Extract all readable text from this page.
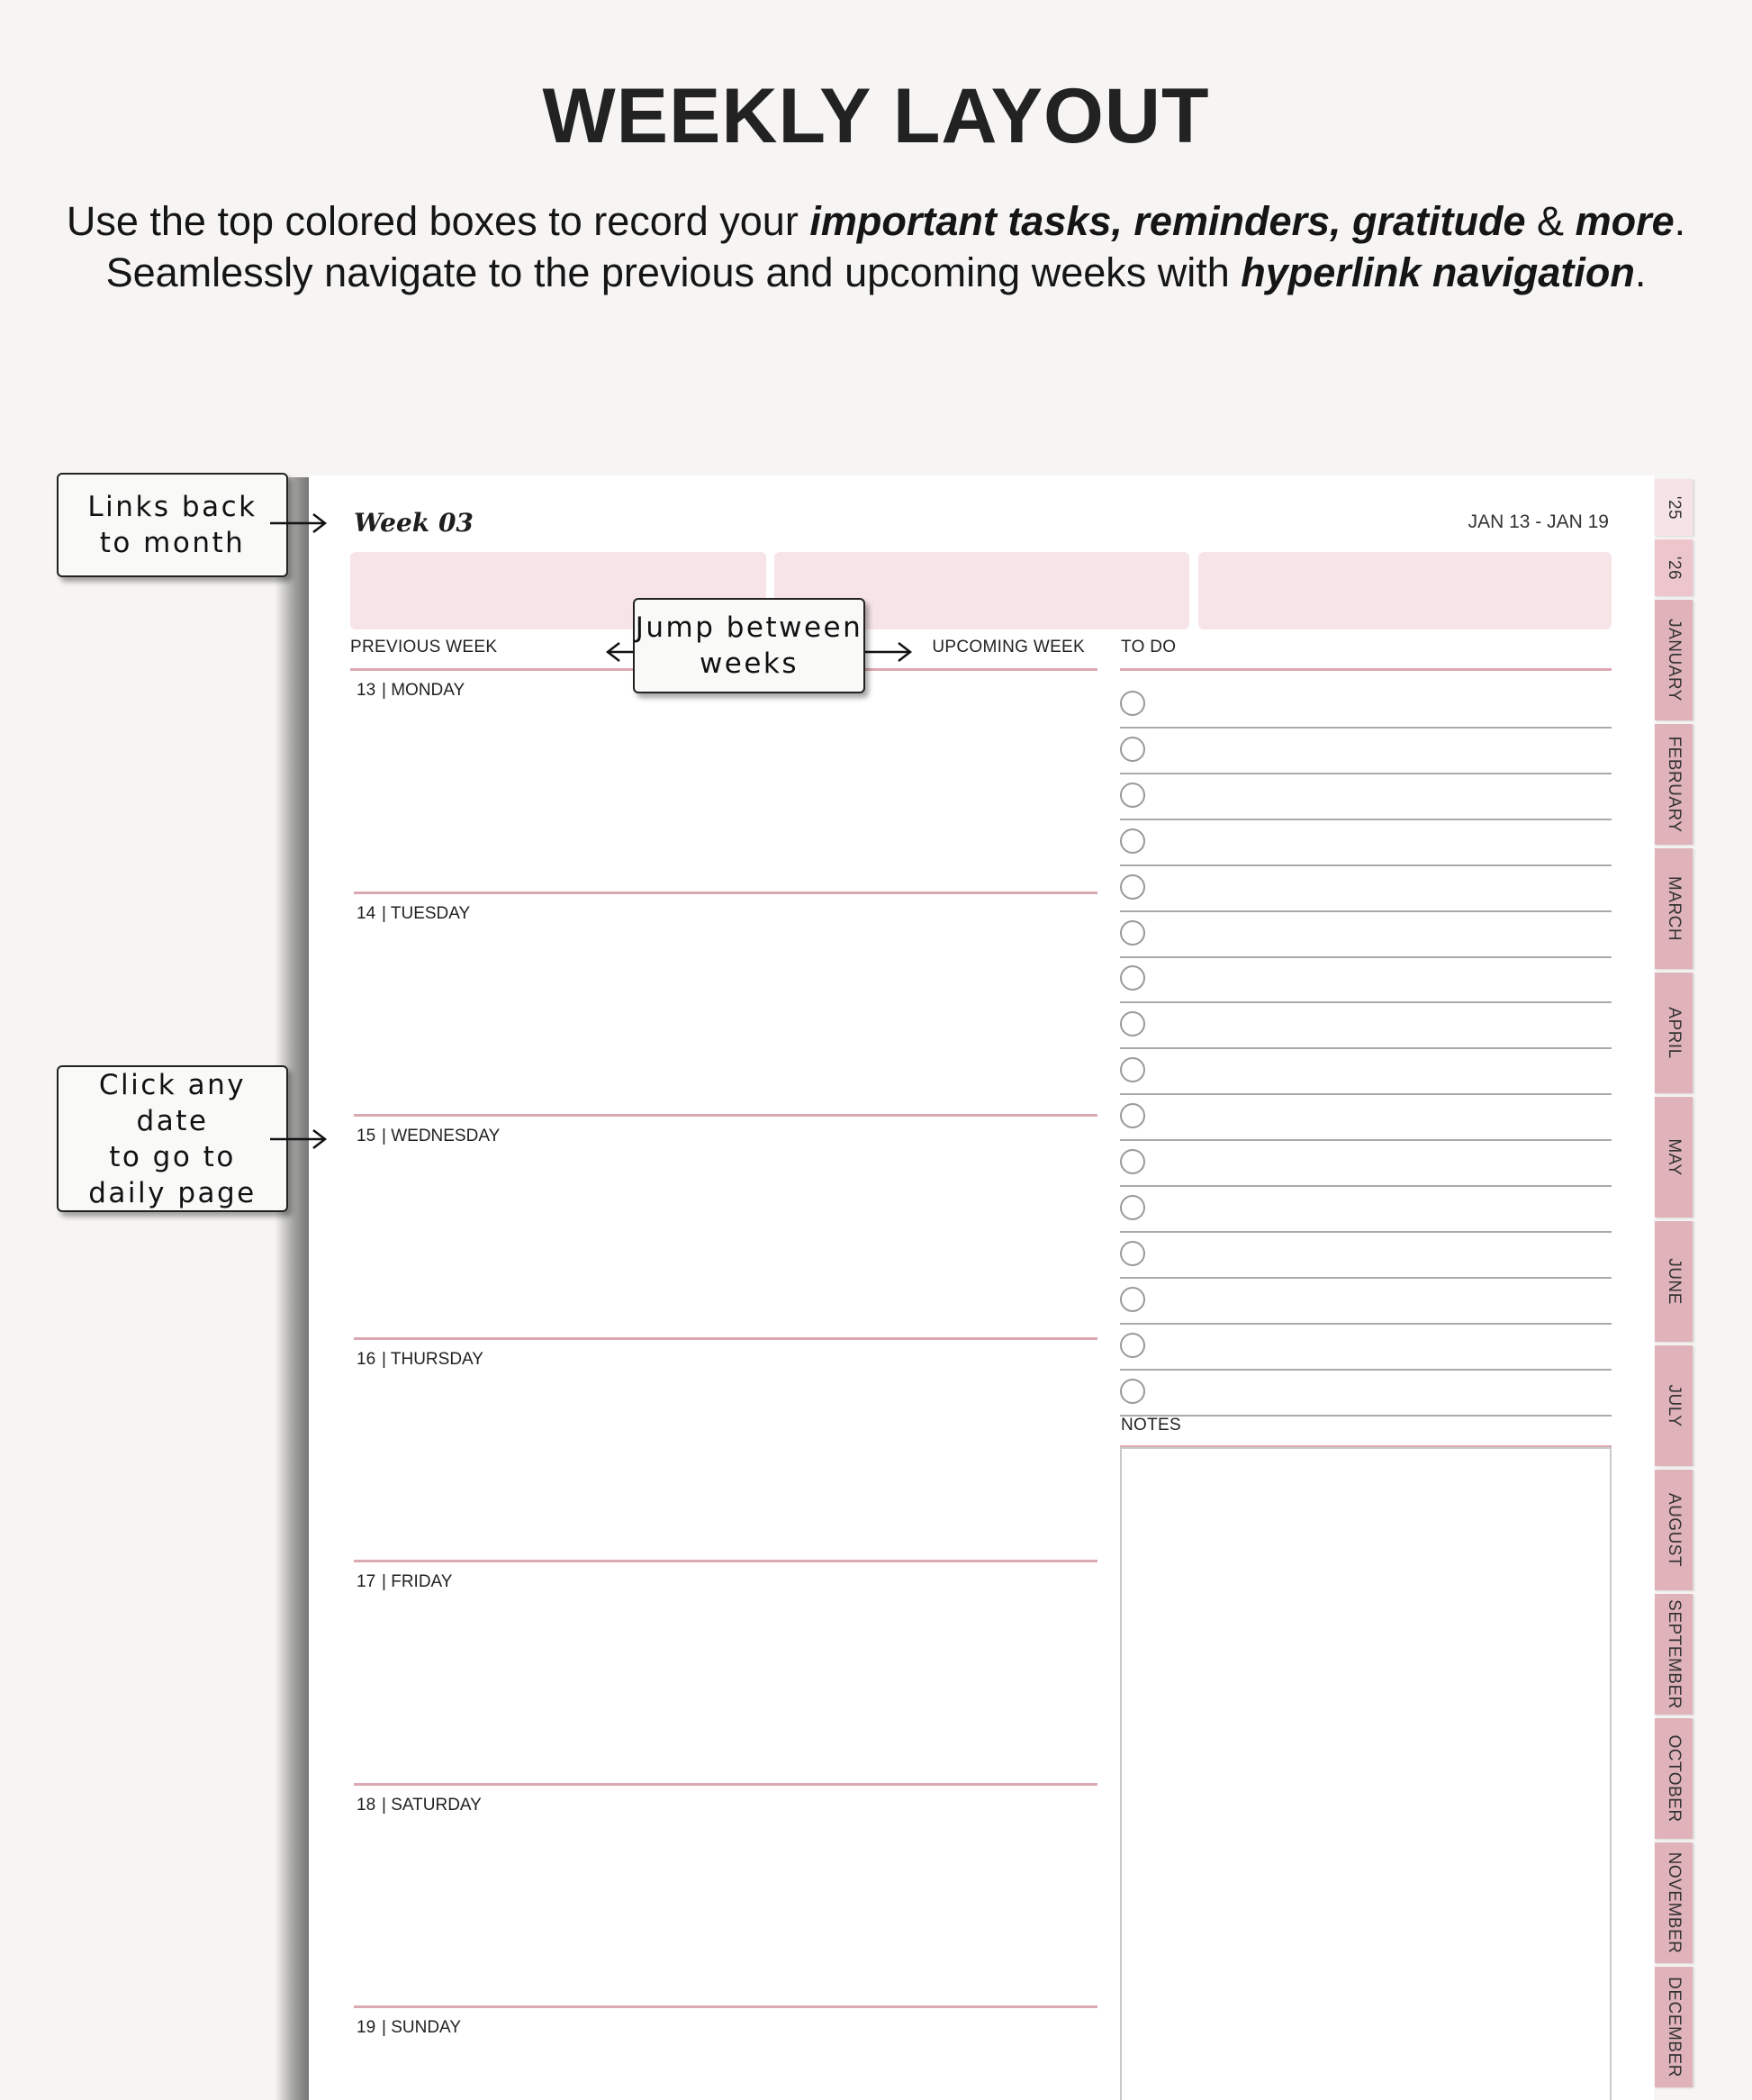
WEEKLY LAYOUT
Use the top colored boxes to record your important tasks, reminders, gratitude & more.
Seamlessly navigate to the previous and upcoming weeks with hyperlink navigation.
Week 03	JAN 13 - JAN 19
PREVIOUS WEEK	UPCOMING WEEK TO DO
13 | MONDAY
14 | TUESDAY
15 | WEDNESDAY
16 | THURSDAY
17 | FRIDAY
18 | SATURDAY
19 | SUNDAY
NOTES
'25
'26
JANUARY
FEBRUARY
MARCH
APRIL
MAY
JUNE
JULY
AUGUST
SEPTEMBER
OCTOBER
NOVEMBER
DECEMBER
Links back
to month
Jump between
weeks
Click any date
to go to
daily page
